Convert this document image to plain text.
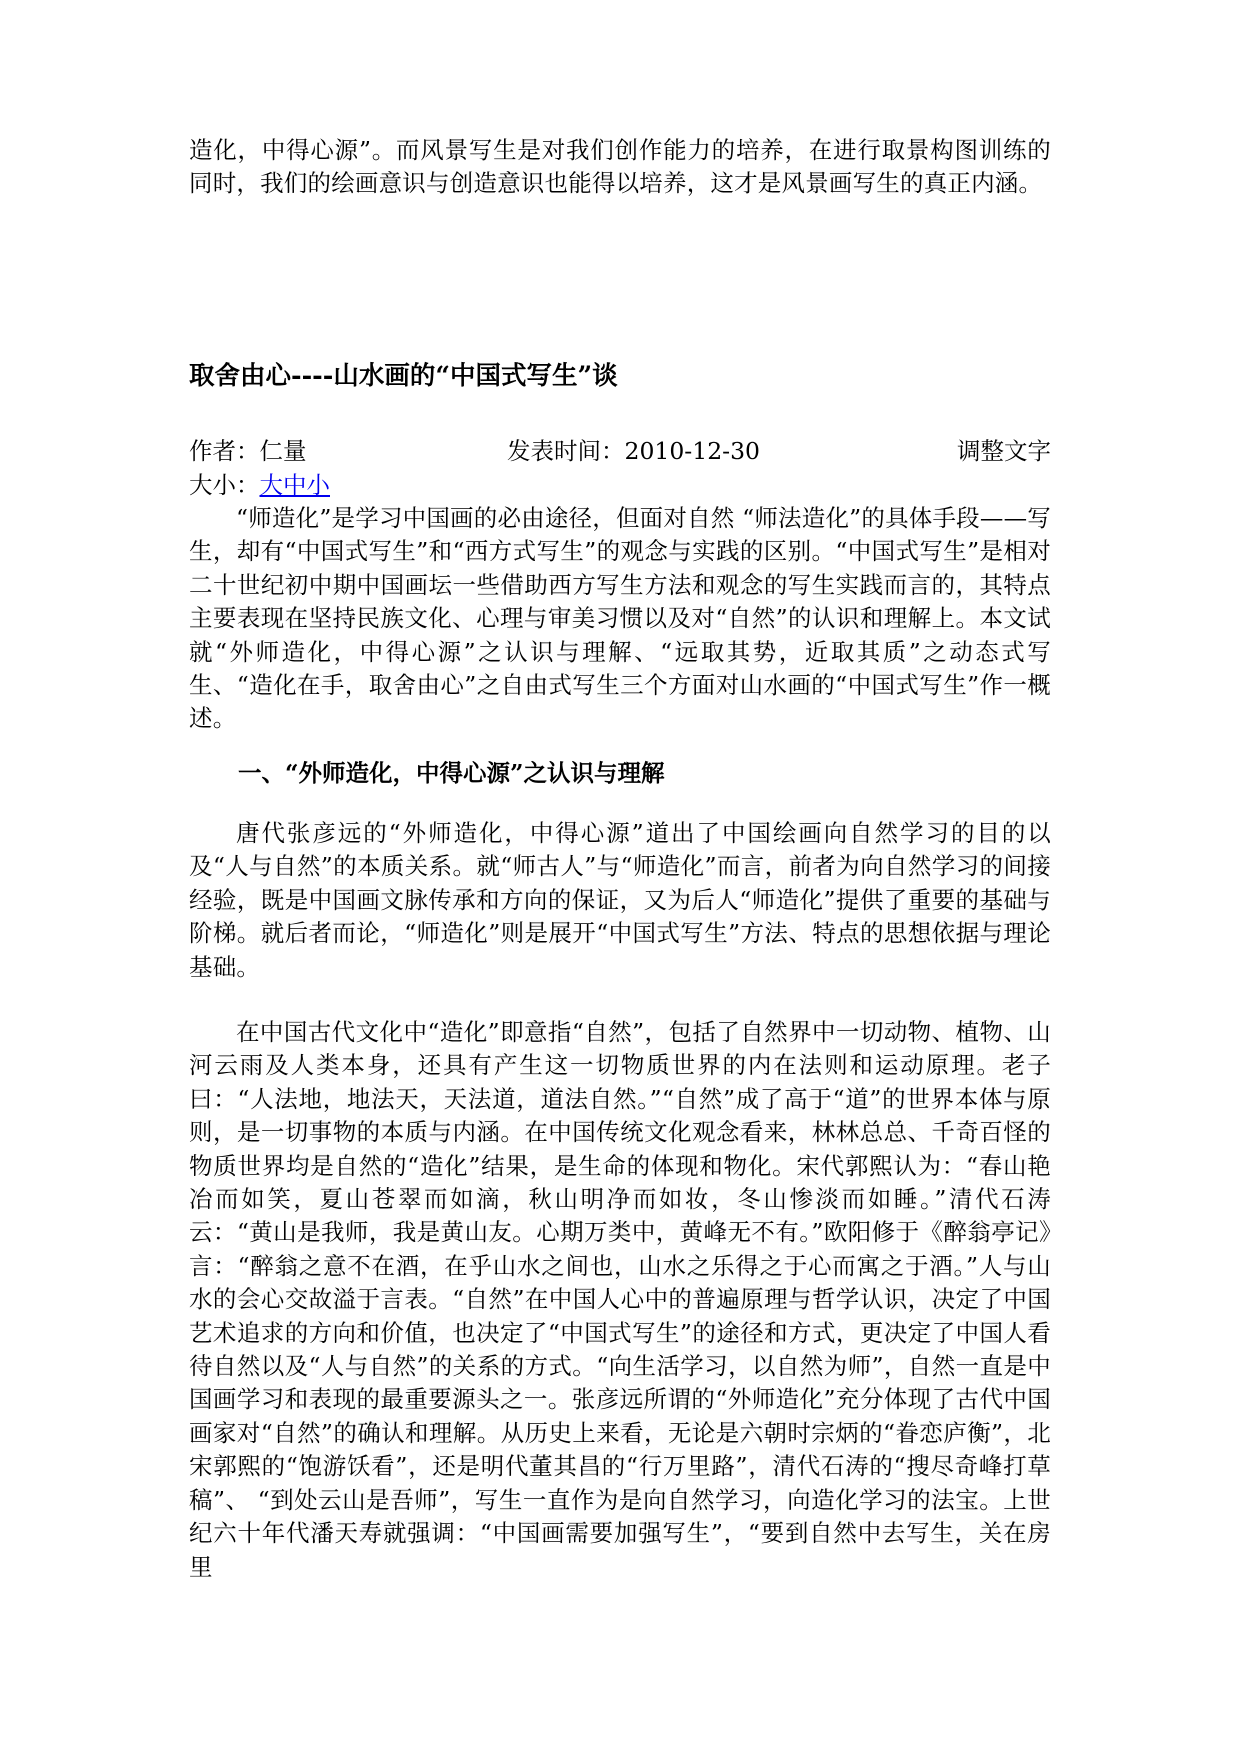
造化，中得心源”。而风景写生是对我们创作能力的培养，在进行取景构图训练的同时，我们的绘画意识与创造意识也能得以培养，这才是风景画写生的真正内涵。

取舍由心----山水画的“中国式写生”谈
作者：仁量	发表时间：2010-12-30	调整文字
大小：大中小

“师造化”是学习中国画的必由途径，但面对自然 “师法造化”的具体手段——写生，却有“中国式写生”和“西方式写生”的观念与实践的区别。“中国式写生”是相对二十世纪初中期中国画坛一些借助西方写生方法和观念的写生实践而言的，其特点主要表现在坚持民族文化、心理与审美习惯以及对“自然”的认识和理解上。本文试就“外师造化，中得心源”之认识与理解、“远取其势，近取其质”之动态式写生、“造化在手，取舍由心”之自由式写生三个方面对山水画的“中国式写生”作一概述。

一、“外师造化，中得心源”之认识与理解

唐代张彦远的“外师造化，中得心源”道出了中国绘画向自然学习的目的以及“人与自然”的本质关系。就“师古人”与“师造化”而言，前者为向自然学习的间接经验，既是中国画文脉传承和方向的保证，又为后人“师造化”提供了重要的基础与阶梯。就后者而论，“师造化”则是展开“中国式写生”方法、特点的思想依据与理论基础。

在中国古代文化中“造化”即意指“自然”，包括了自然界中一切动物、植物、山河云雨及人类本身，还具有产生这一切物质世界的内在法则和运动原理。老子曰：“人法地，地法天，天法道，道法自然。”“自然”成了高于“道”的世界本体与原则，是一切事物的本质与内涵。在中国传统文化观念看来，林林总总、千奇百怪的物质世界均是自然的“造化”结果，是生命的体现和物化。宋代郭熙认为：“春山艳冶而如笑，夏山苍翠而如滴，秋山明净而如妆，冬山惨淡而如睡。”清代石涛云：“黄山是我师，我是黄山友。心期万类中，黄峰无不有。”欧阳修于《醉翁亭记》言：“醉翁之意不在酒，在乎山水之间也，山水之乐得之于心而寓之于酒。”人与山水的会心交故溢于言表。“自然”在中国人心中的普遍原理与哲学认识，决定了中国艺术追求的方向和价值，也决定了“中国式写生”的途径和方式，更决定了中国人看待自然以及“人与自然”的关系的方式。“向生活学习，以自然为师”，自然一直是中国画学习和表现的最重要源头之一。张彦远所谓的“外师造化”充分体现了古代中国画家对“自然”的确认和理解。从历史上来看，无论是六朝时宗炳的“眷恋庐衡”，北宋郭熙的“饱游饫看”，还是明代董其昌的“行万里路”，清代石涛的“搜尽奇峰打草稿”、 “到处云山是吾师”，写生一直作为是向自然学习，向造化学习的法宝。上世纪六十年代潘天寿就强调：“中国画需要加强写生”，“要到自然中去写生，关在房里
